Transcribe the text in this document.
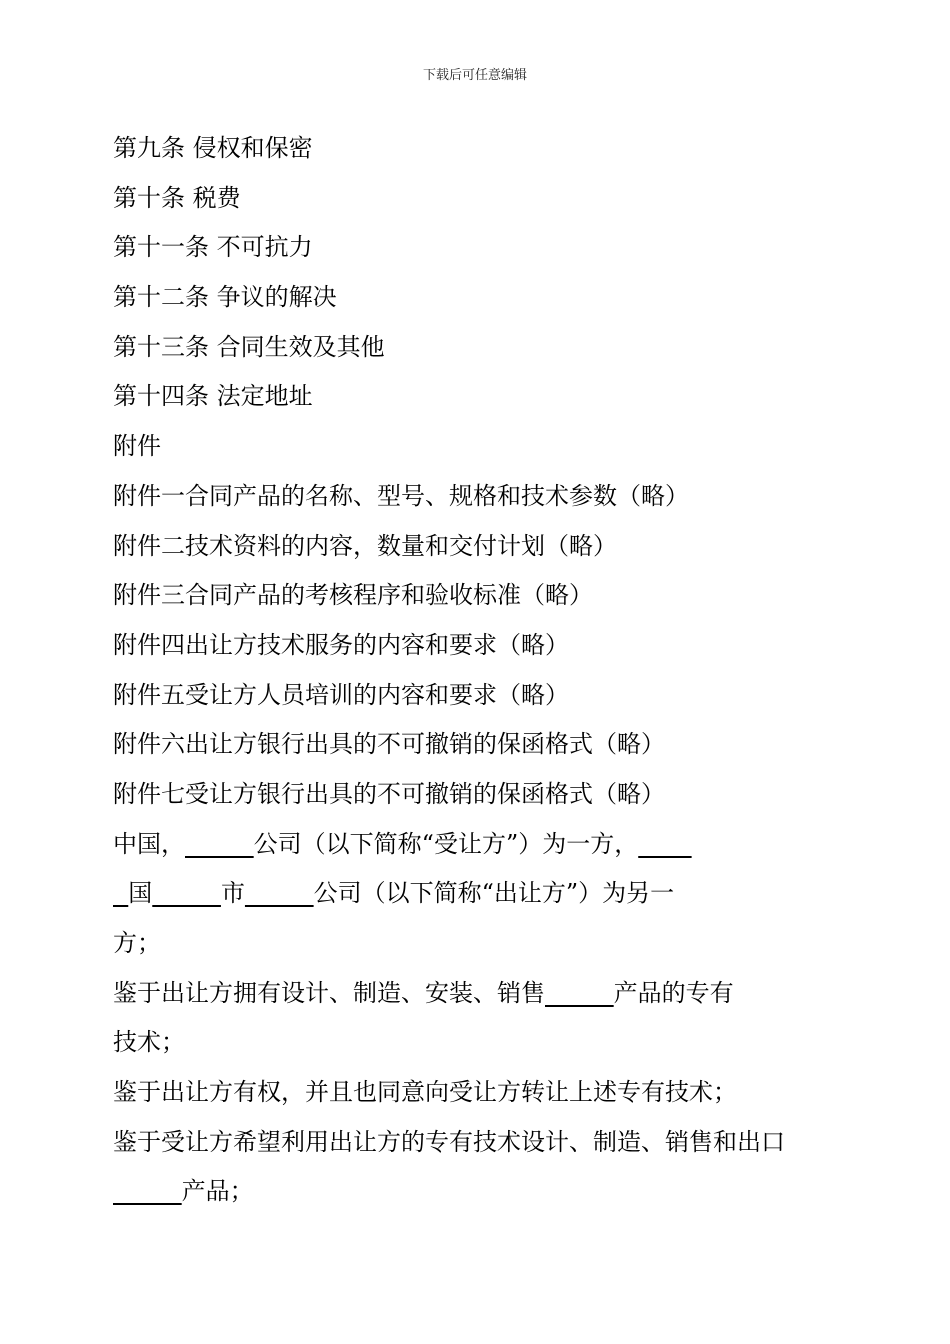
下载后可任意编辑
第九条 侵权和保密
第十条 税费
第十一条 不可抗力
第十二条 争议的解决
第十三条 合同生效及其他
第十四条 法定地址
附件
附件一合同产品的名称、型号、规格和技术参数（略）
附件二技术资料的内容，数量和交付计划（略）
附件三合同产品的考核程序和验收标准（略）
附件四出让方技术服务的内容和要求（略）
附件五受让方人员培训的内容和要求（略）
附件六出让方银行出具的不可撤销的保函格式（略）
附件七受让方银行出具的不可撤销的保函格式（略）
中国，	公司（以下简称“受让方”）为一方，
国	市	公司（以下简称“出让方”）为另一
方；
鉴于出让方拥有设计、制造、安装、销售	产品的专有
技术；
鉴于出让方有权，并且也同意向受让方转让上述专有技术；
鉴于受让方希望利用出让方的专有技术设计、制造、销售和出口
产品；
